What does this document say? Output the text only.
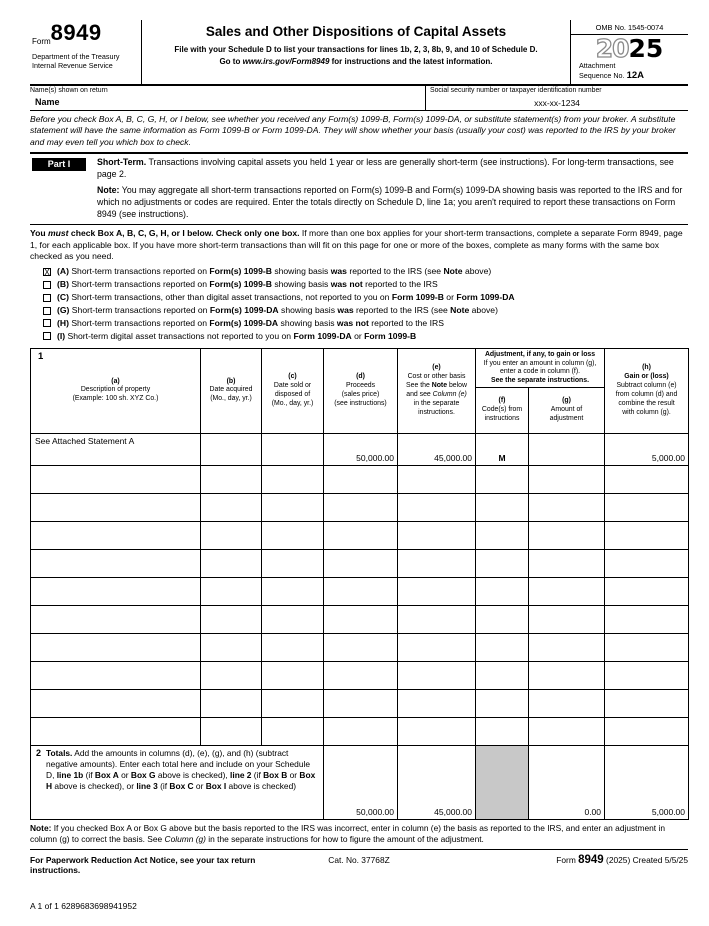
Form8949
Department of the Treasury
Internal Revenue Service
Sales and Other Dispositions of Capital Assets
File with your Schedule D to list your transactions for lines 1b, 2, 3, 8b, 9, and 10 of Schedule D.
Go to www.irs.gov/Form8949 for instructions and the latest information.
OMB No. 1545-0074
2025
Attachment
Sequence No. 12A
Name(s) shown on return
Name
Social security number or taxpayer identification number
xxx-xx-1234
Before you check Box A, B, C, G, H, or I below, see whether you received any Form(s) 1099-B, Form(s) 1099-DA, or substitute statement(s) from your broker. A substitute statement will have the same information as Form 1099-B or Form 1099-DA. They will show whether your basis (usually your cost) was reported to the IRS by your broker and may even tell you which box to check.
Part I	Short-Term. Transactions involving capital assets you held 1 year or less are generally short-term (see instructions). For long-term transactions, see page 2.
Note: You may aggregate all short-term transactions reported on Form(s) 1099-B and Form(s) 1099-DA showing basis was reported to the IRS and for which no adjustments or codes are required. Enter the totals directly on Schedule D, line 1a; you aren't required to report these transactions on Form 8949 (see instructions).
You must check Box A, B, C, G, H, or I below. Check only one box. If more than one box applies for your short-term transactions, complete a separate Form 8949, page 1, for each applicable box. If you have more short-term transactions than will fit on this page for one or more of the boxes, complete as many forms with the same box checked as you need.
X (A) Short-term transactions reported on Form(s) 1099-B showing basis was reported to the IRS (see Note above)
(B) Short-term transactions reported on Form(s) 1099-B showing basis was not reported to the IRS
(C) Short-term transactions, other than digital asset transactions, not reported to you on Form 1099-B or Form 1099-DA
(G) Short-term transactions reported on Form(s) 1099-DA showing basis was reported to the IRS (see Note above)
(H) Short-term transactions reported on Form(s) 1099-DA showing basis was not reported to the IRS
(I) Short-term digital asset transactions not reported to you on Form 1099-DA or Form 1099-B
1
(a)
Description of property
(Example: 100 sh. XYZ Co.)
	(b)
Date acquired
(Mo., day, yr.)	(c)
Date sold or
disposed of
(Mo., day, yr.)	(d)
Proceeds
(sales price)
(see instructions)	(e)
Cost or other basis
See the Note below
and see Column (e)
in the separate
instructions.	Adjustment, if any, to gain or loss
If you enter an amount in column (g),
enter a code in column (f).
See the separate instructions.	(h)
Gain or (loss)
Subtract column (e)
from column (d) and
combine the result
with column (g).
					(f)
Code(s) from
instructions	(g)
Amount of
adjustment	
See Attached Statement A			50,000.00	45,000.00	M		5,000.00

2 Totals. Add the amounts in columns (d), (e), (g), and (h) (subtract negative amounts). Enter each total here and include on your Schedule D, line 1b (if Box A or Box G above is checked), line 2 (if Box B or Box H above is checked), or line 3 (if Box C or Box I above is checked)			50,000.00	45,000.00		0.00	5,000.00
Note: If you checked Box A or Box G above but the basis reported to the IRS was incorrect, enter in column (e) the basis as reported to the IRS, and enter an adjustment in column (g) to correct the basis. See Column (g) in the separate instructions for how to figure the amount of the adjustment.
For Paperwork Reduction Act Notice, see your tax return instructions.
Cat. No. 37768Z	Form 8949 (2025) Created 5/5/25
A 1 of 1 6289683698941952
